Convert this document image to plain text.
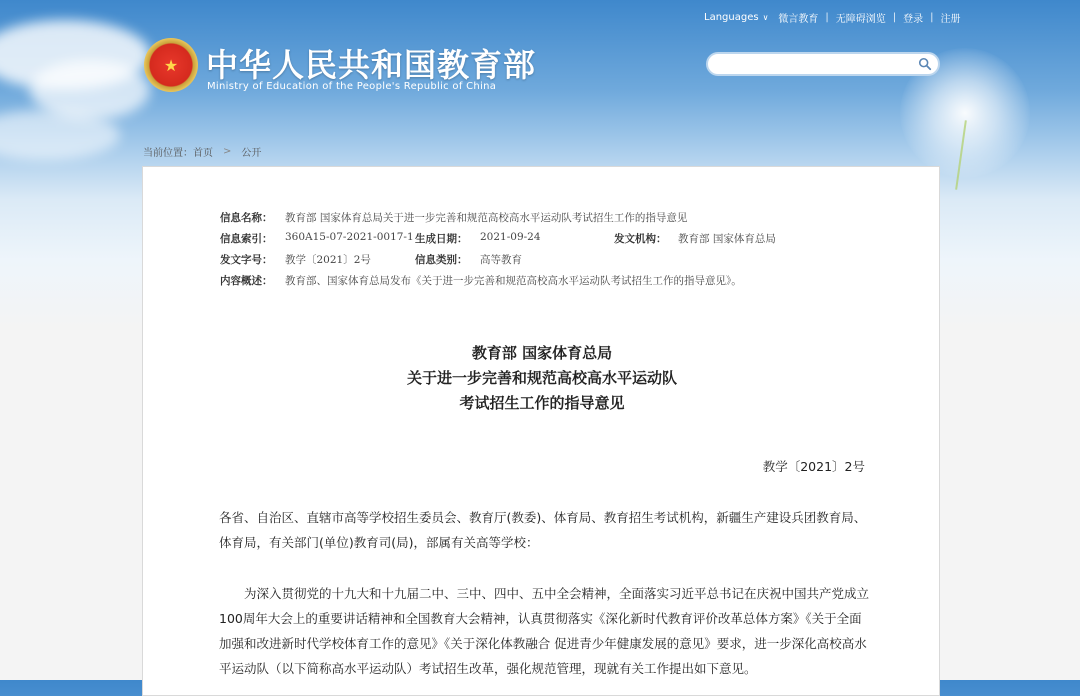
Languages ∨ 微言教育 | 无障碍浏览 | 登录 | 注册
★ 中华人民共和国教育部
Ministry of Education of the People's Republic of China
当前位置： 首页 > 公开
信息名称： 教育部 国家体育总局关于进一步完善和规范高校高水平运动队考试招生工作的指导意见
信息索引： 360A15-07-2021-0017-1 生成日期： 2021-09-24	发文机构： 教育部 国家体育总局
发文字号： 教学〔2021〕2号	信息类别： 高等教育
内容概述： 教育部、国家体育总局发布《关于进一步完善和规范高校高水平运动队考试招生工作的指导意见》。
教育部 国家体育总局
关于进一步完善和规范高校高水平运动队
考试招生工作的指导意见
教学〔2021〕2号
各省、自治区、直辖市高等学校招生委员会、教育厅(教委)、体育局、教育招生考试机构，新疆生产建设兵团教育局、体育局，有关部门(单位)教育司(局)，部属有关高等学校：
为深入贯彻党的十九大和十九届二中、三中、四中、五中全会精神，全面落实习近平总书记在庆祝中国共产党成立100周年大会上的重要讲话精神和全国教育大会精神，认真贯彻落实《深化新时代教育评价改革总体方案》《关于全面加强和改进新时代学校体育工作的意见》《关于深化体教融合 促进青少年健康发展的意见》要求，进一步深化高校高水平运动队（以下简称高水平运动队）考试招生改革，强化规范管理，现就有关工作提出如下意见。
